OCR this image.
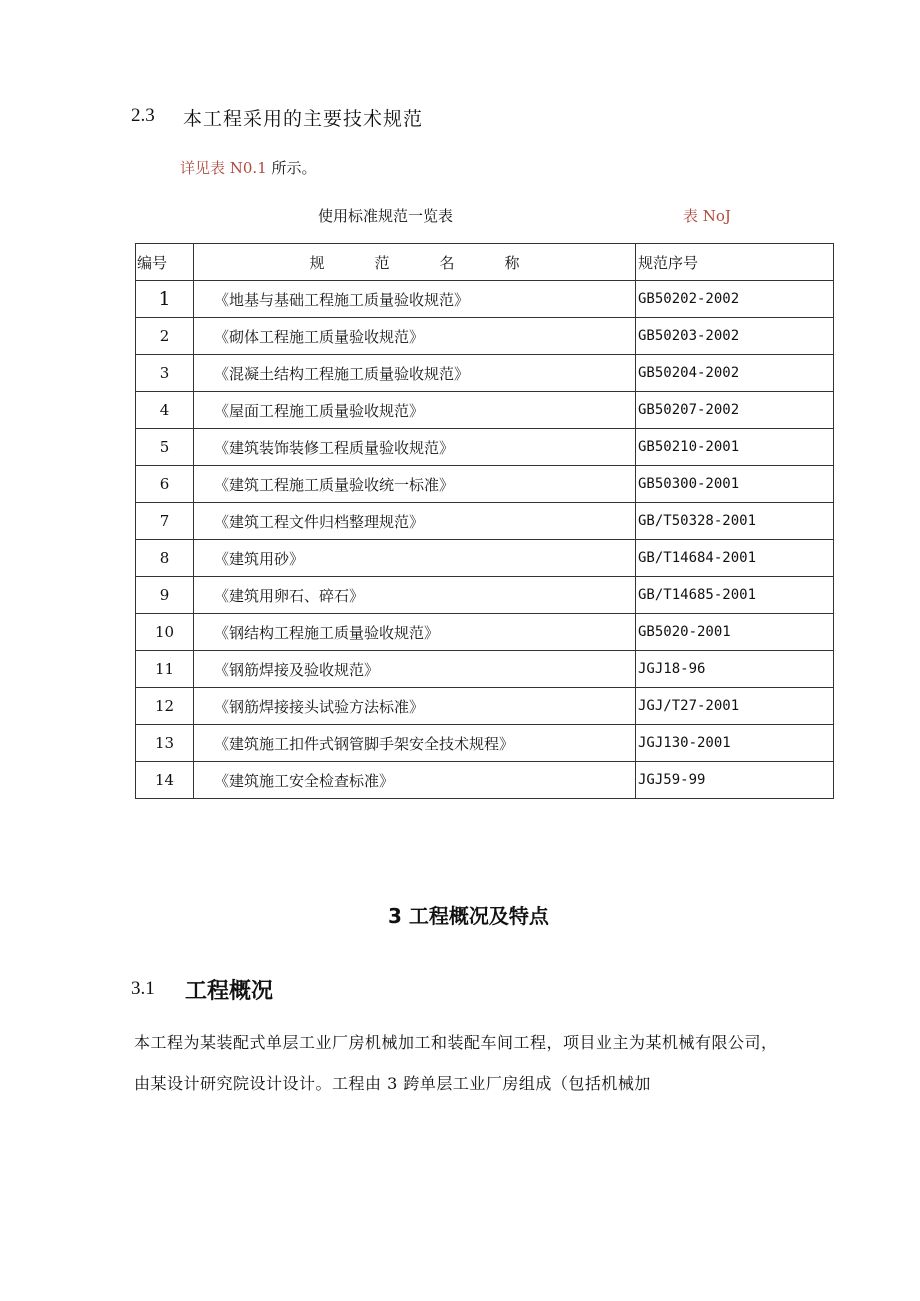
2.3 本工程采用的主要技术规范
详见表 N0.1 所示。
使用标准规范一览表	表 NoJ
编号	规范名称	规范序号
1	《地基与基础工程施工质量验收规范》	GB50202-2002
2	《砌体工程施工质量验收规范》	GB50203-2002
3	《混凝土结构工程施工质量验收规范》	GB50204-2002
4	《屋面工程施工质量验收规范》	GB50207-2002
5	《建筑装饰装修工程质量验收规范》	GB50210-2001
6	《建筑工程施工质量验收统一标准》	GB50300-2001
7	《建筑工程文件归档整理规范》	GB/T50328-2001
8	《建筑用砂》	GB/T14684-2001
9	《建筑用卵石、碎石》	GB/T14685-2001
10	《钢结构工程施工质量验收规范》	GB5020-2001
11	《钢筋焊接及验收规范》	JGJ18-96
12	《钢筋焊接接头试验方法标准》	JGJ/T27-2001
13	《建筑施工扣件式钢管脚手架安全技术规程》	JGJ130-2001
14	《建筑施工安全检查标准》	JGJ59-99
3 工程概况及特点
3.1 工程概况
本工程为某装配式单层工业厂房机械加工和装配车间工程，项目业主为某机械有限公司，由某设计研究院设计设计。工程由 3 跨单层工业厂房组成（包括机械加
